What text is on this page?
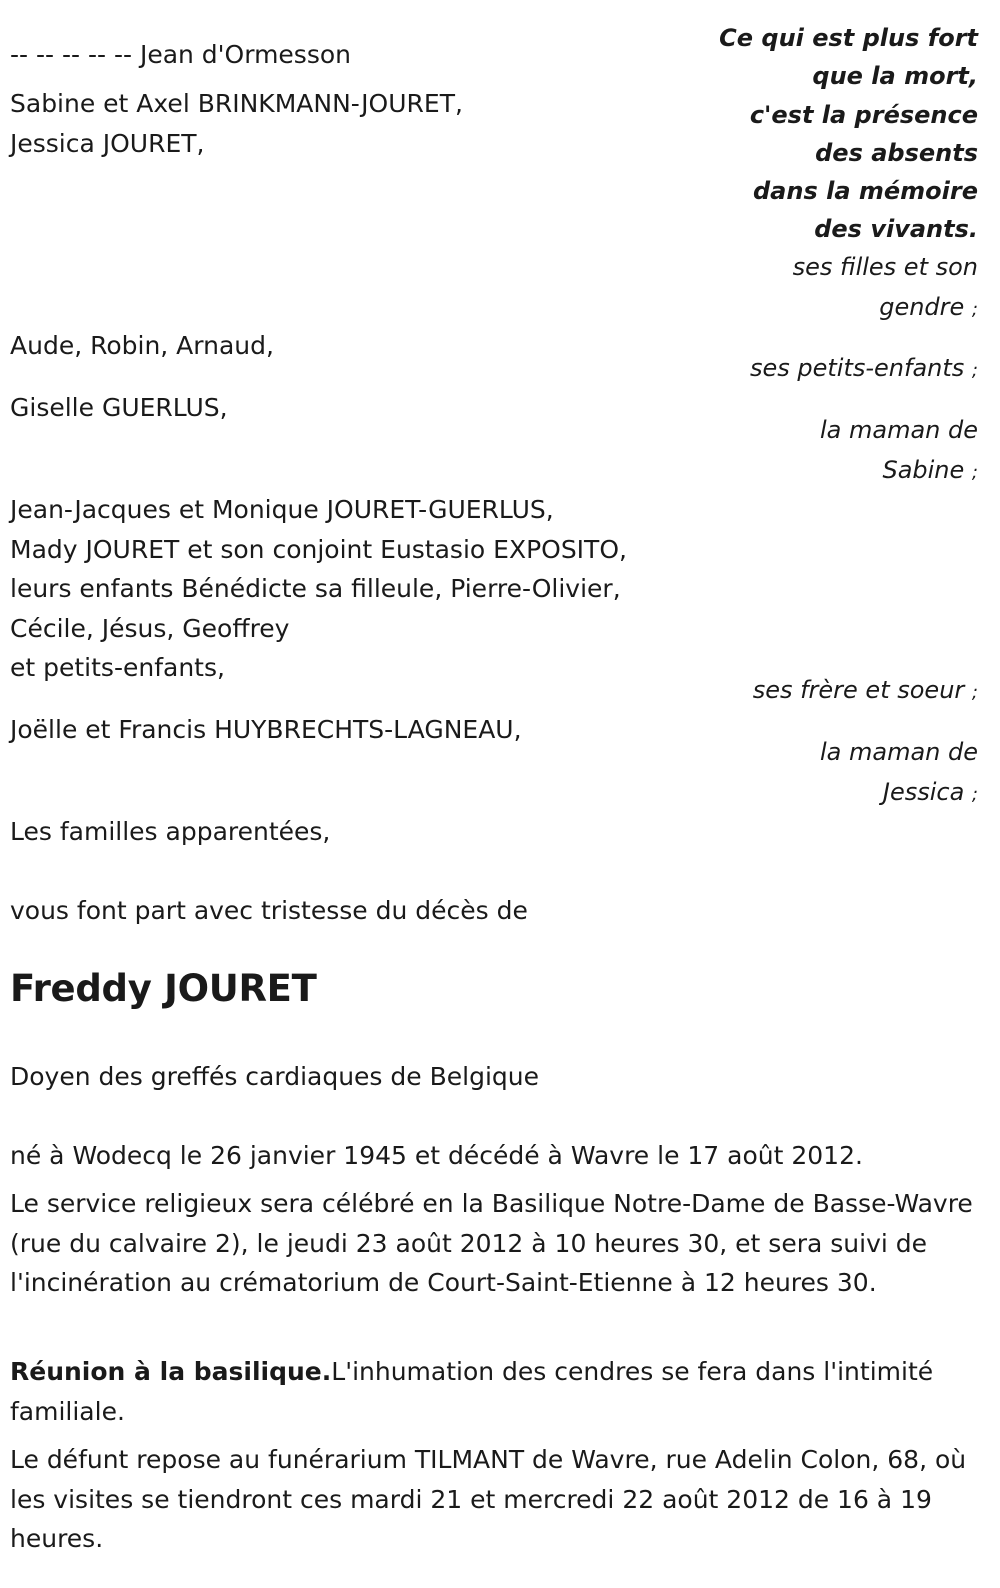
-- -- -- -- -- Jean d'Ormesson
Ce qui est plus fort
que la mort,
c'est la présence
des absents
dans la mémoire
des vivants.
Sabine et Axel BRINKMANN-JOURET,
Jessica JOURET,
ses filles et son
gendre ;
Aude, Robin, Arnaud,
ses petits-enfants ;
Giselle GUERLUS,
la maman de
Sabine ;
Jean-Jacques et Monique JOURET-GUERLUS,
Mady JOURET et son conjoint Eustasio EXPOSITO,
leurs enfants Bénédicte sa filleule, Pierre-Olivier,
Cécile, Jésus, Geoffrey
et petits-enfants,
ses frère et soeur ;
Joëlle et Francis HUYBRECHTS-LAGNEAU,
la maman de
Jessica ;
Les familles apparentées,
vous font part avec tristesse du décès de
Freddy JOURET
Doyen des greffés cardiaques de Belgique
né à Wodecq le 26 janvier 1945 et décédé à Wavre le 17 août 2012.
Le service religieux sera célébré en la Basilique Notre-Dame de Basse-Wavre (rue du calvaire 2), le jeudi 23 août 2012 à 10 heures 30, et sera suivi de l'incinération au crématorium de Court-Saint-Etienne à 12 heures 30.
Réunion à la basilique.L'inhumation des cendres se fera dans l'intimité familiale.
Le défunt repose au funérarium TILMANT de Wavre, rue Adelin Colon, 68, où les visites se tiendront ces mardi 21 et mercredi 22 août 2012 de 16 à 19 heures.
